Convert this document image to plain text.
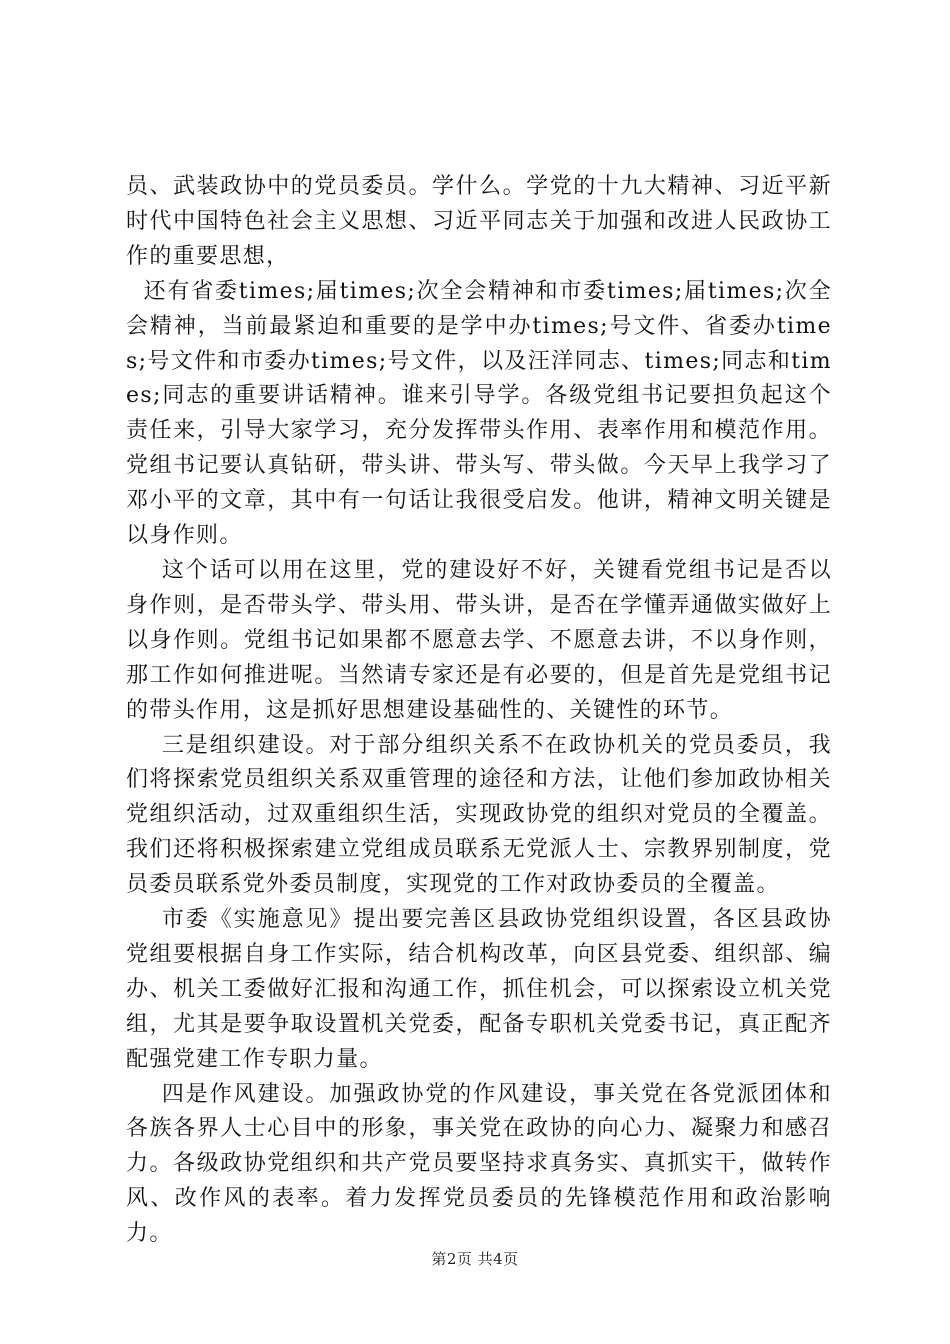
员、武装政协中的党员委员。学什么。学党的十九大精神、习近平新时代中国特色社会主义思想、习近平同志关于加强和改进人民政协工作的重要思想，

还有省委times;届times;次全会精神和市委times;届times;次全会精神，当前最紧迫和重要的是学中办times;号文件、省委办times;号文件和市委办times;号文件，以及汪洋同志、times;同志和times;同志的重要讲话精神。谁来引导学。各级党组书记要担负起这个责任来，引导大家学习，充分发挥带头作用、表率作用和模范作用。党组书记要认真钻研，带头讲、带头写、带头做。今天早上我学习了邓小平的文章，其中有一句话让我很受启发。他讲，精神文明关键是以身作则。

这个话可以用在这里，党的建设好不好，关键看党组书记是否以身作则，是否带头学、带头用、带头讲，是否在学懂弄通做实做好上以身作则。党组书记如果都不愿意去学、不愿意去讲，不以身作则，那工作如何推进呢。当然请专家还是有必要的，但是首先是党组书记的带头作用，这是抓好思想建设基础性的、关键性的环节。

三是组织建设。对于部分组织关系不在政协机关的党员委员，我们将探索党员组织关系双重管理的途径和方法，让他们参加政协相关党组织活动，过双重组织生活，实现政协党的组织对党员的全覆盖。我们还将积极探索建立党组成员联系无党派人士、宗教界别制度，党员委员联系党外委员制度，实现党的工作对政协委员的全覆盖。

市委《实施意见》提出要完善区县政协党组织设置，各区县政协党组要根据自身工作实际，结合机构改革，向区县党委、组织部、编办、机关工委做好汇报和沟通工作，抓住机会，可以探索设立机关党组，尤其是要争取设置机关党委，配备专职机关党委书记，真正配齐配强党建工作专职力量。

四是作风建设。加强政协党的作风建设，事关党在各党派团体和各族各界人士心目中的形象，事关党在政协的向心力、凝聚力和感召力。各级政协党组织和共产党员要坚持求真务实、真抓实干，做转作风、改作风的表率。着力发挥党员委员的先锋模范作用和政治影响力。

第2页 共4页
